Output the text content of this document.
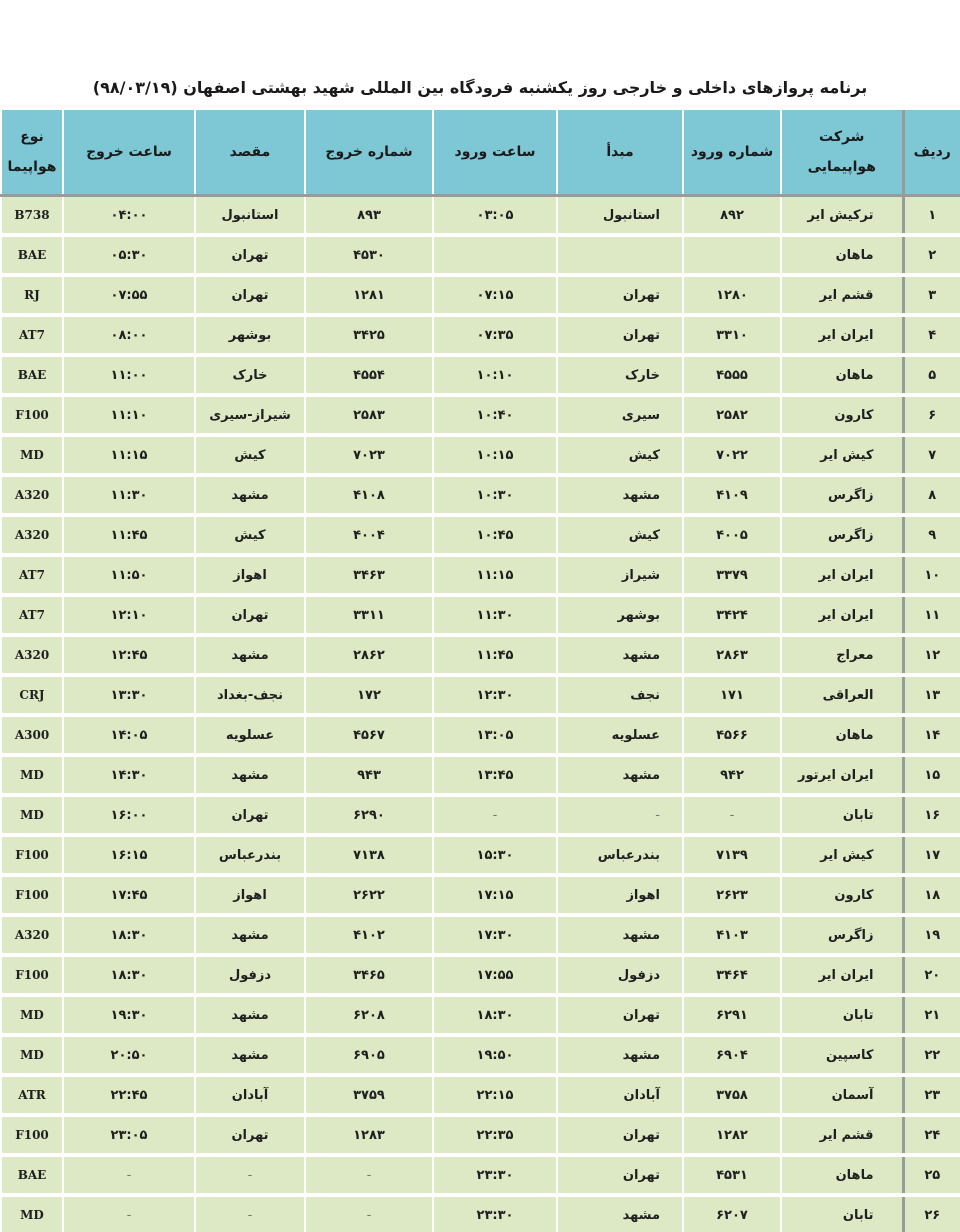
برنامه پروازهای داخلی و خارجی روز یکشنبه فرودگاه بین المللی شهید بهشتی اصفهان (۹۸/۰۳/۱۹)
ردیف	شرکت هواپیمایی	شماره ورود	مبدأ	ساعت ورود	شماره خروج	مقصد	ساعت خروج	نوع هواپیما
۱	ترکیش ایر	۸۹۲	استانبول	۰۳:۰۵	۸۹۳	استانبول	۰۴:۰۰	B738
۲	ماهان				۴۵۳۰	تهران	۰۵:۳۰	BAE
۳	قشم ایر	۱۲۸۰	تهران	۰۷:۱۵	۱۲۸۱	تهران	۰۷:۵۵	RJ
۴	ایران ایر	۳۳۱۰	تهران	۰۷:۳۵	۳۴۲۵	بوشهر	۰۸:۰۰	AT7
۵	ماهان	۴۵۵۵	خارک	۱۰:۱۰	۴۵۵۴	خارک	۱۱:۰۰	BAE
۶	کارون	۲۵۸۲	سیری	۱۰:۴۰	۲۵۸۳	شیراز-سیری	۱۱:۱۰	F100
۷	کیش ایر	۷۰۲۲	کیش	۱۰:۱۵	۷۰۲۳	کیش	۱۱:۱۵	MD
۸	زاگرس	۴۱۰۹	مشهد	۱۰:۳۰	۴۱۰۸	مشهد	۱۱:۳۰	A320
۹	زاگرس	۴۰۰۵	کیش	۱۰:۴۵	۴۰۰۴	کیش	۱۱:۴۵	A320
۱۰	ایران ایر	۳۳۷۹	شیراز	۱۱:۱۵	۳۴۶۳	اهواز	۱۱:۵۰	AT7
۱۱	ایران ایر	۳۴۲۴	بوشهر	۱۱:۳۰	۳۳۱۱	تهران	۱۲:۱۰	AT7
۱۲	معراج	۲۸۶۳	مشهد	۱۱:۴۵	۲۸۶۲	مشهد	۱۲:۴۵	A320
۱۳	العراقی	۱۷۱	نجف	۱۲:۳۰	۱۷۲	نجف-بغداد	۱۳:۳۰	CRJ
۱۴	ماهان	۴۵۶۶	عسلویه	۱۳:۰۵	۴۵۶۷	عسلویه	۱۴:۰۵	A300
۱۵	ایران ایرتور	۹۴۲	مشهد	۱۳:۴۵	۹۴۳	مشهد	۱۴:۳۰	MD
۱۶	تابان	-	-	-	۶۲۹۰	تهران	۱۶:۰۰	MD
۱۷	کیش ایر	۷۱۳۹	بندرعباس	۱۵:۳۰	۷۱۳۸	بندرعباس	۱۶:۱۵	F100
۱۸	کارون	۲۶۲۳	اهواز	۱۷:۱۵	۲۶۲۲	اهواز	۱۷:۴۵	F100
۱۹	زاگرس	۴۱۰۳	مشهد	۱۷:۳۰	۴۱۰۲	مشهد	۱۸:۳۰	A320
۲۰	ایران ایر	۳۴۶۴	دزفول	۱۷:۵۵	۳۴۶۵	دزفول	۱۸:۳۰	F100
۲۱	تابان	۶۲۹۱	تهران	۱۸:۳۰	۶۲۰۸	مشهد	۱۹:۳۰	MD
۲۲	کاسپین	۶۹۰۴	مشهد	۱۹:۵۰	۶۹۰۵	مشهد	۲۰:۵۰	MD
۲۳	آسمان	۳۷۵۸	آبادان	۲۲:۱۵	۳۷۵۹	آبادان	۲۲:۴۵	ATR
۲۴	قشم ایر	۱۲۸۲	تهران	۲۲:۳۵	۱۲۸۳	تهران	۲۳:۰۵	F100
۲۵	ماهان	۴۵۳۱	تهران	۲۳:۳۰	-	-	-	BAE
۲۶	تابان	۶۲۰۷	مشهد	۲۳:۳۰	-	-	-	MD
